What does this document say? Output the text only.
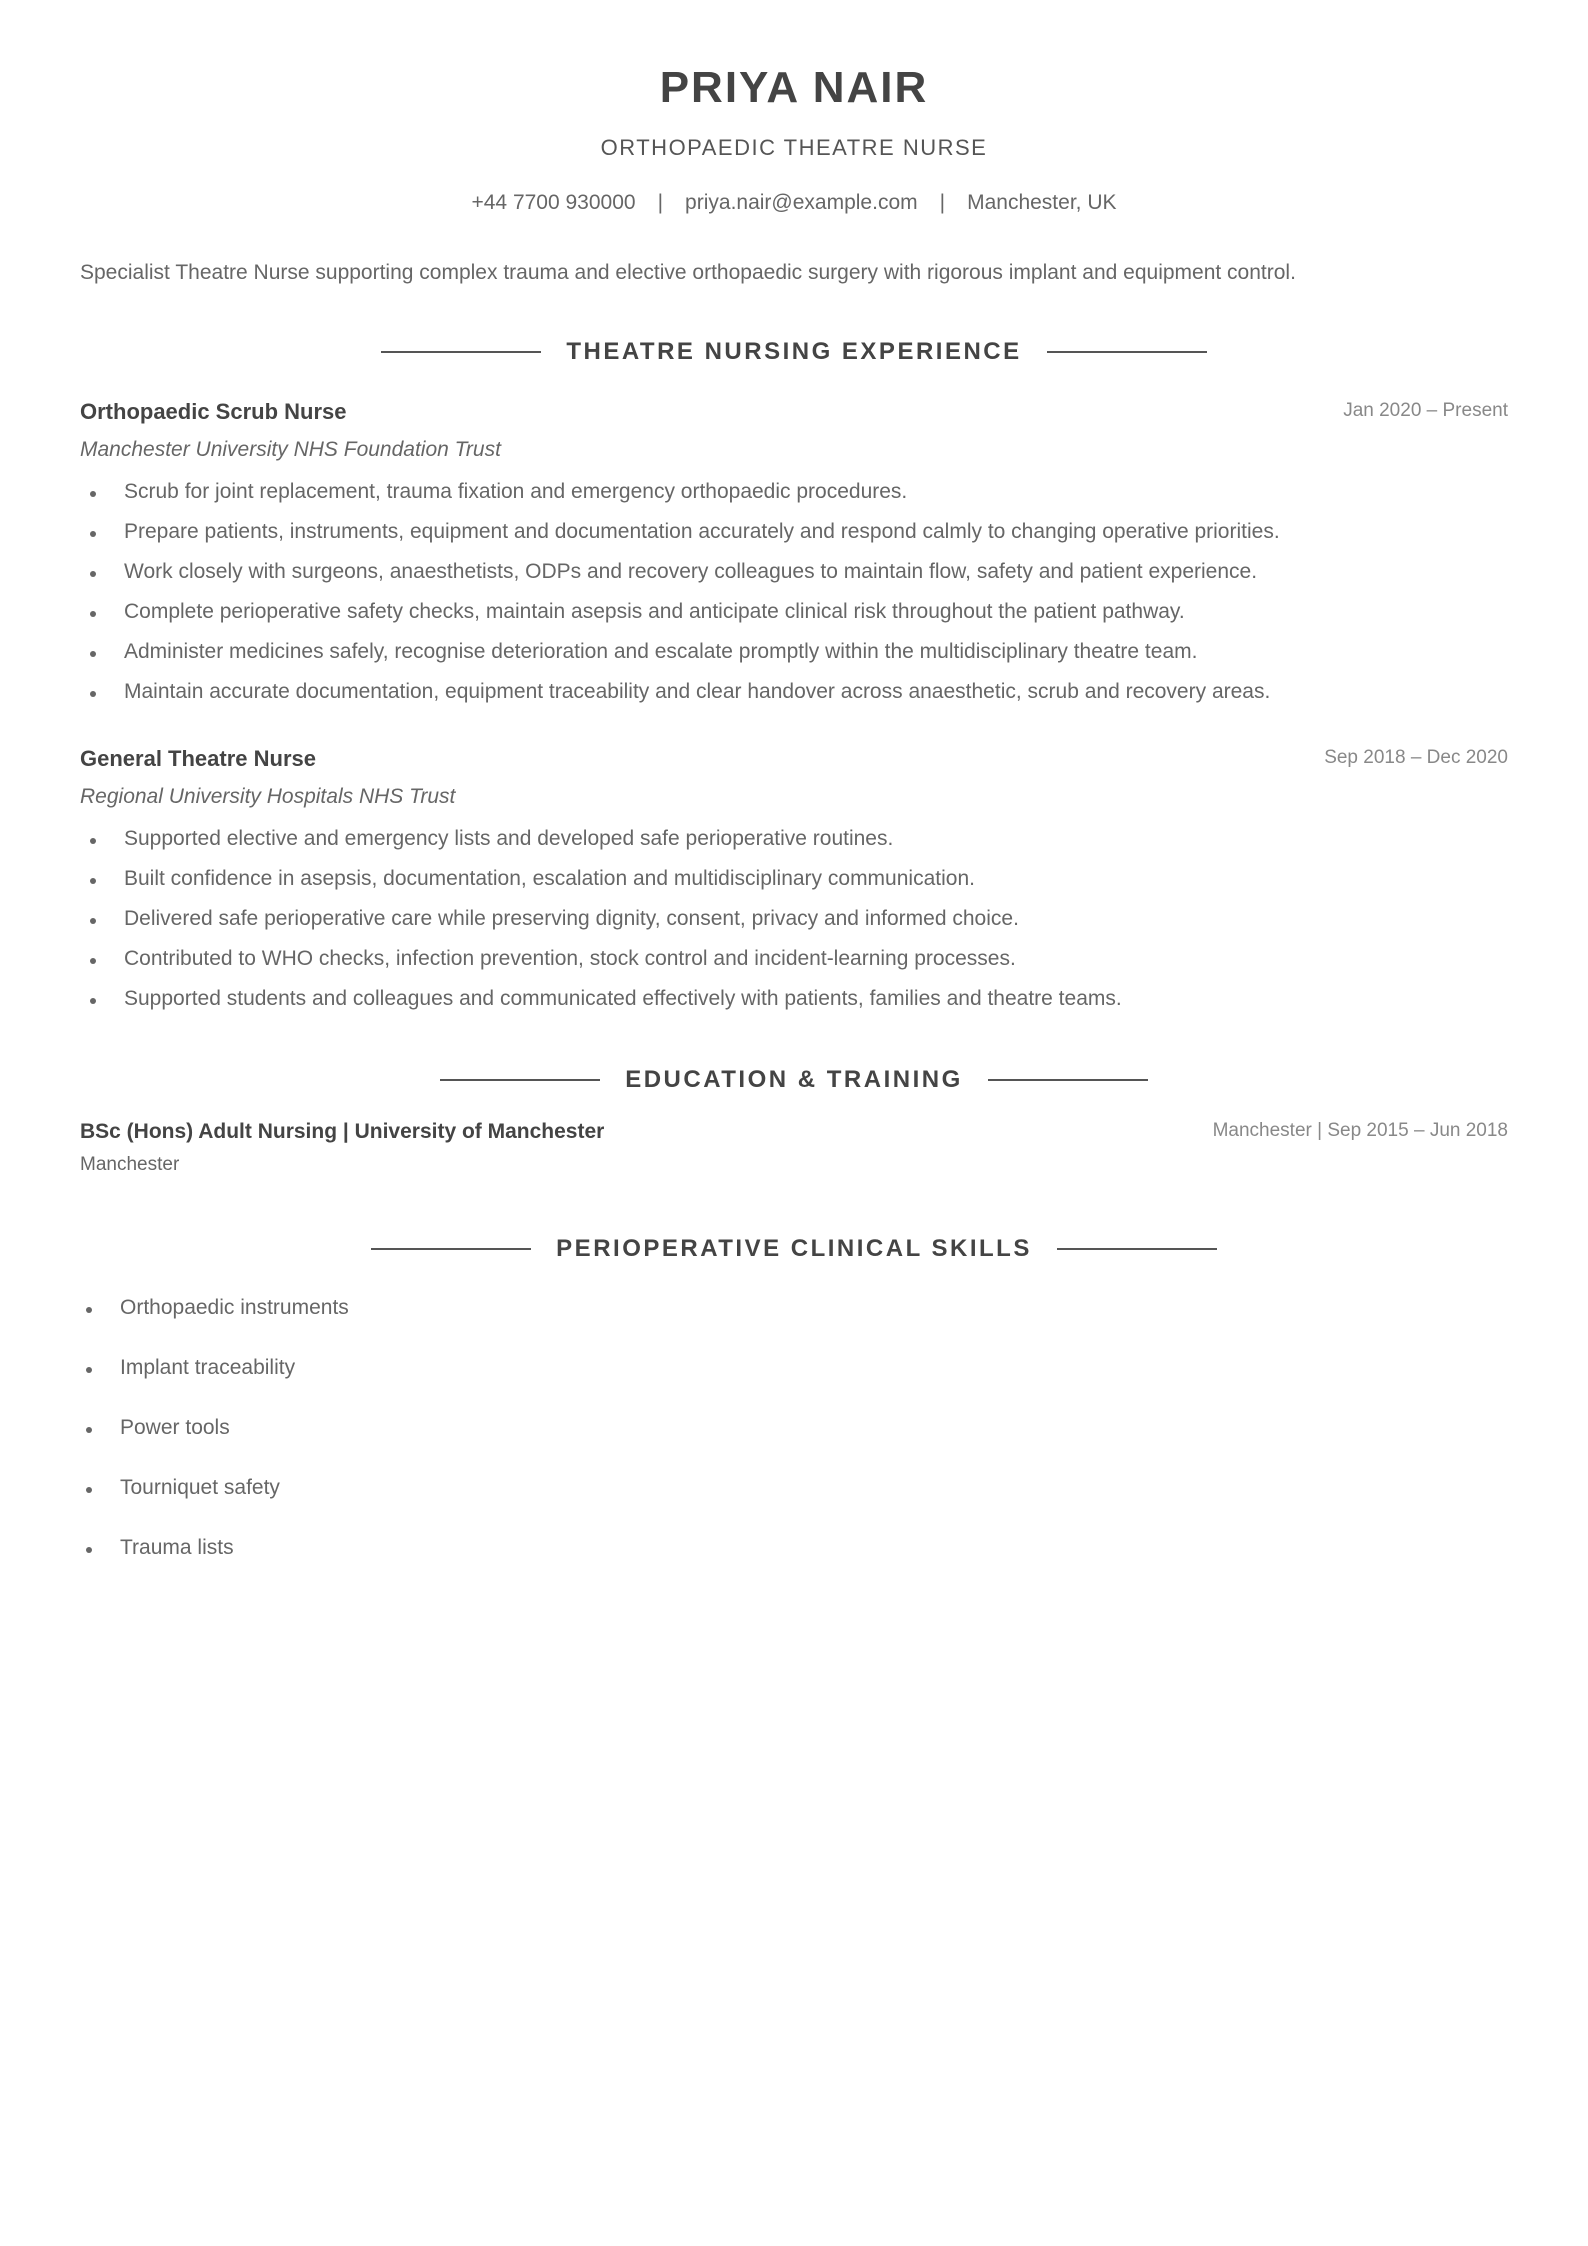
PRIYA NAIR
ORTHOPAEDIC THEATRE NURSE
+44 7700 930000 | priya.nair@example.com | Manchester, UK
Specialist Theatre Nurse supporting complex trauma and elective orthopaedic surgery with rigorous implant and equipment control.
THEATRE NURSING EXPERIENCE
Orthopaedic Scrub Nurse	Jan 2020 – Present
Manchester University NHS Foundation Trust
Scrub for joint replacement, trauma fixation and emergency orthopaedic procedures.
Prepare patients, instruments, equipment and documentation accurately and respond calmly to changing operative priorities.
Work closely with surgeons, anaesthetists, ODPs and recovery colleagues to maintain flow, safety and patient experience.
Complete perioperative safety checks, maintain asepsis and anticipate clinical risk throughout the patient pathway.
Administer medicines safely, recognise deterioration and escalate promptly within the multidisciplinary theatre team.
Maintain accurate documentation, equipment traceability and clear handover across anaesthetic, scrub and recovery areas.
General Theatre Nurse	Sep 2018 – Dec 2020
Regional University Hospitals NHS Trust
Supported elective and emergency lists and developed safe perioperative routines.
Built confidence in asepsis, documentation, escalation and multidisciplinary communication.
Delivered safe perioperative care while preserving dignity, consent, privacy and informed choice.
Contributed to WHO checks, infection prevention, stock control and incident-learning processes.
Supported students and colleagues and communicated effectively with patients, families and theatre teams.
EDUCATION & TRAINING
BSc (Hons) Adult Nursing | University of Manchester	Manchester | Sep 2015 – Jun 2018
Manchester
PERIOPERATIVE CLINICAL SKILLS
Orthopaedic instruments
Implant traceability
Power tools
Tourniquet safety
Trauma lists
